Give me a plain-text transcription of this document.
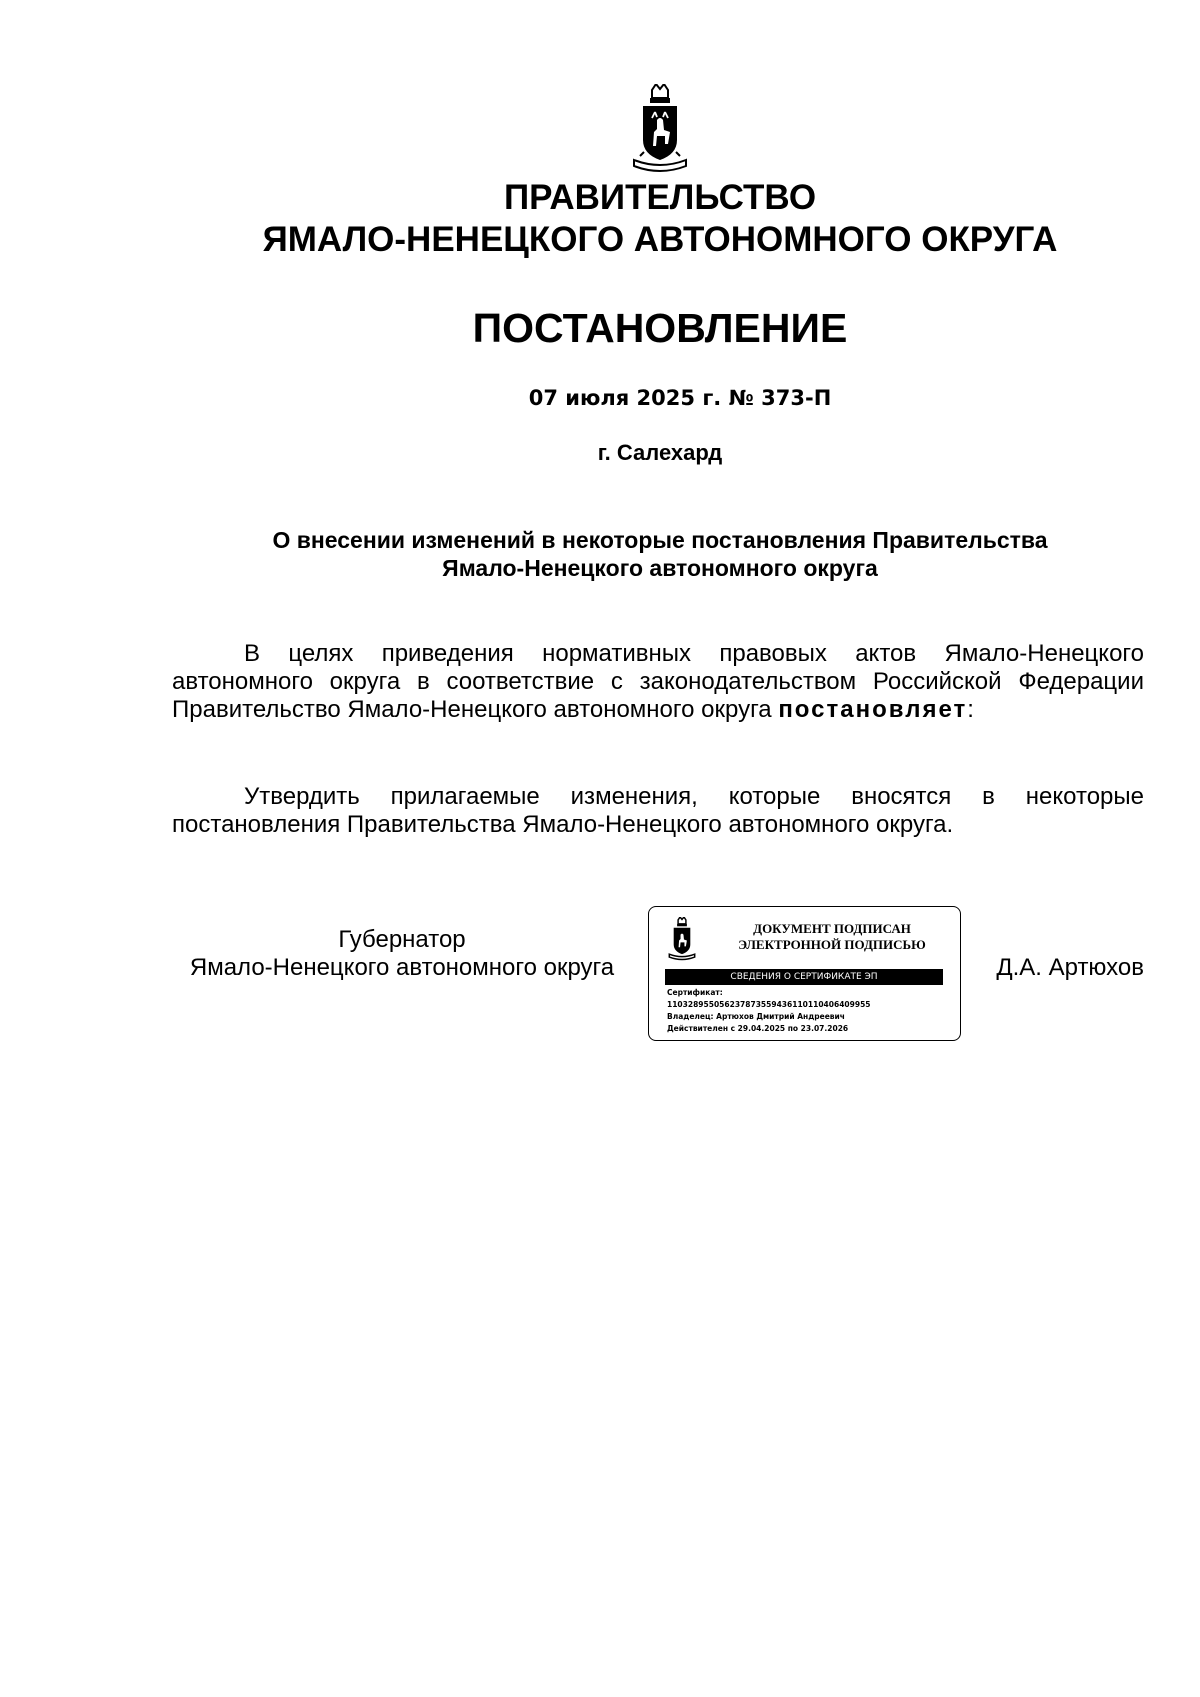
ПРАВИТЕЛЬСТВО
ЯМАЛО-НЕНЕЦКОГО АВТОНОМНОГО ОКРУГА
ПОСТАНОВЛЕНИЕ
07 июля 2025 г. № 373-П
г. Салехард
О внесении изменений в некоторые постановления Правительства
Ямало-Ненецкого автономного округа
В целях приведения нормативных правовых актов Ямало-Ненецкого автономного округа в соответствие с законодательством Российской Федерации Правительство Ямало-Ненецкого автономного округа постановляет:
Утвердить прилагаемые изменения, которые вносятся в некоторые постановления Правительства Ямало-Ненецкого автономного округа.
Губернатор
Ямало-Ненецкого автономного округа
ДОКУМЕНТ ПОДПИСАН
ЭЛЕКТРОННОЙ ПОДПИСЬЮ
СВЕДЕНИЯ О СЕРТИФИКАТЕ ЭП
Сертификат:
110328955056237873559436110110406409955
Владелец: Артюхов Дмитрий Андреевич
Действителен с 29.04.2025 по 23.07.2026
Д.А. Артюхов
